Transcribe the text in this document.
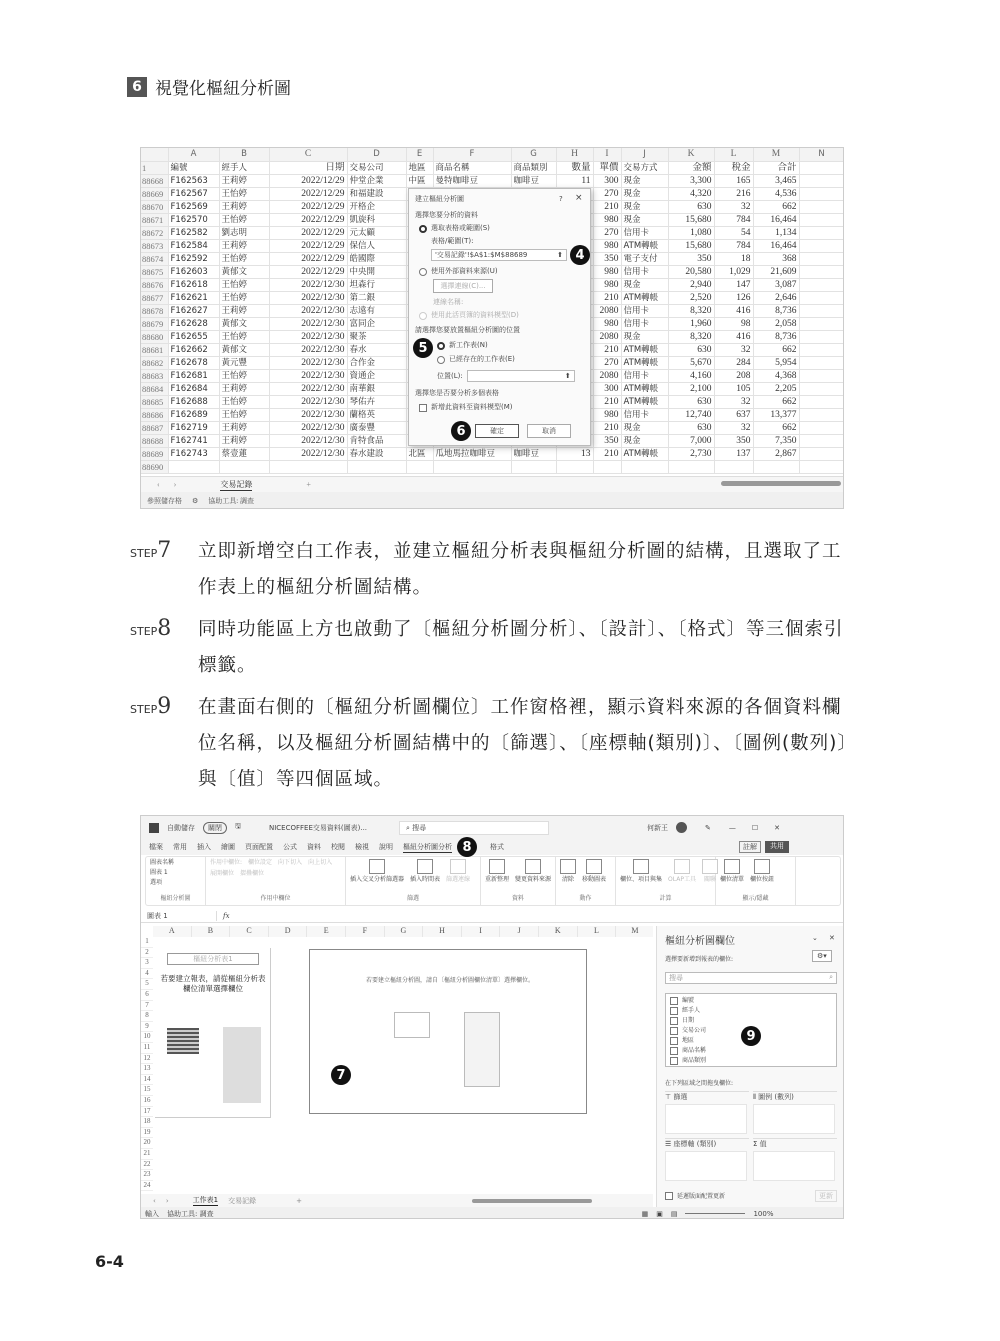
6 視覺化樞紐分析圖
	A	B	C	D	E	F	G	H	I	J	K	L	M	N
1	編號	經手人	日期	交易公司	地區	商品名稱	商品類別	數量	單價	交易方式	金額	稅金	合計	
88668	F162563	王莉婷	2022/12/29	仲堂企業	中區	曼特咖啡豆	咖啡豆	11	300	現金	3,300	165	3,465	
88669	F162567	王怡婷	2022/12/29	和福建設					270	現金	4,320	216	4,536	
88670	F162569	王莉婷	2022/12/29	开格企					210	現金	630	32	662	
88671	F162570	王怡婷	2022/12/29	凱旋科					980	現金	15,680	784	16,464	
88672	F162582	劉志明	2022/12/29	元太顧					270	信用卡	1,080	54	1,134	
88673	F162584	王莉婷	2022/12/29	保信人					980	ATM轉帳	15,680	784	16,464	
88674	F162592	王怡婷	2022/12/29	皓國際					350	電子支付	350	18	368	
88675	F162603	黃郁文	2022/12/29	中央開					980	信用卡	20,580	1,029	21,609	
88676	F162618	王怡婷	2022/12/30	坦森行					980	現金	2,940	147	3,087	
88677	F162621	王怡婷	2022/12/30	第二銀					210	ATM轉帳	2,520	126	2,646	
88678	F162627	王莉婷	2022/12/30	志遠有					2080	信用卡	8,320	416	8,736	
88679	F162628	黃郁文	2022/12/30	富同企					980	信用卡	1,960	98	2,058	
88680	F162655	王怡婷	2022/12/30	聚茶					2080	現金	8,320	416	8,736	
88681	F162662	黃郁文	2022/12/30	春水					210	ATM轉帳	630	32	662	
88682	F162678	黃元豐	2022/12/30	合作金					270	ATM轉帳	5,670	284	5,954	
88683	F162681	王怡婷	2022/12/30	資通企					2080	信用卡	4,160	208	4,368	
88684	F162684	王莉婷	2022/12/30	南華銀					300	ATM轉帳	2,100	105	2,205	
88685	F162688	王怡婷	2022/12/30	琴佑卉					210	ATM轉帳	630	32	662	
88686	F162689	王怡婷	2022/12/30	蘭格英					980	信用卡	12,740	637	13,377	
88687	F162719	王莉婷	2022/12/30	廣泰豐					210	現金	630	32	662	
88688	F162741	王莉婷	2022/12/30	肯特食品					350	現金	7,000	350	7,350	
88689	F162743	蔡壹蓮	2022/12/30	春水建設	北區	瓜地馬拉咖啡豆	咖啡豆	13	210	ATM轉帳	2,730	137	2,867	
88690														
‹ ›	交易記錄	+
參照儲存格 ⚙ 協助工具: 調查
建立樞紐分析圖	? ×
選擇您要分析的資料
選取表格或範圍(S)
表格/範圍(T):
'交易記錄'!$A$1:$M$88689	⬆
使用外部資料來源(U)
選擇連線(C)...
連線名稱:
使用此活頁簿的資料模型(D)
請選擇您要放置樞紐分析圖的位置
新工作表(N)
已經存在的工作表(E)
位置(L):	⬆
選擇您是否要分析多個表格
新增此資料至資料模型(M)
確定	取消
4
5
6
STEP7	立即新增空白工作表，並建立樞紐分析表與樞紐分析圖的結構，且選取了工作表上的樞紐分析圖結構。
STEP8	同時功能區上方也啟動了〔樞紐分析圖分析〕、〔設計〕、〔格式〕等三個索引標籤。
STEP9	在畫面右側的〔樞紐分析圖欄位〕工作窗格裡，顯示資料來源的各個資料欄位名稱，以及樞紐分析圖結構中的〔篩選〕、〔座標軸(類別)〕、〔圖例(數列)〕與〔值〕等四個區域。
自動儲存	關閉	🖫	NICECOFFEE交易資料(圖表)...	⌕ 搜尋	何新王	✎	— ☐ ✕
檔案 常用 插入 繪圖 頁面配置 公式 資料 校閱 檢視 說明 樞紐分析圖分析	格式	註解	共用
圖表名稱
圖表 1
選項
樞紐分析圖
作用中欄位: 欄位設定 向下切入 向上切入
展開欄位 摺疊欄位
作用中欄位
插入交叉分析篩選器 插入時間表 篩選連線
篩選
重新整理 變更資料來源
資料
清除 移動圖表
動作
欄位、項目與集 OLAP工具 關聯
計算
欄位清單 欄位按鈕
顯示/隱藏
圖表 1	fx
樞紐分析表1
若要建立報表，請從樞紐分析表欄位清單選擇欄位
若要建立樞紐分析圖，請自〔樞紐分析圖欄位清單〕選擇欄位。
A	B	C	D	E	F	G	H	I	J	K	L	M
1
2
3
4
5
6
7
8
9
10
11
12
13
14
15
16
17
18
19
20
21
22
23
24
‹ ›	工作表1 交易記錄	+
輸入 協助工具: 調查	▦ ▣ ▤	100%
樞紐分析圖欄位	⌄ ✕
選擇要新增到報表的欄位:	⚙▾
搜尋	⌕
編號
經手人
日期
交易公司
地區
商品名稱
商品類別
在下列區域之間拖曳欄位:
⊤ 篩選	⫴ 圖例 (數列)
☰ 座標軸 (類別)	Σ 值
延遲版面配置更新	更新
8
7
9
6-4
